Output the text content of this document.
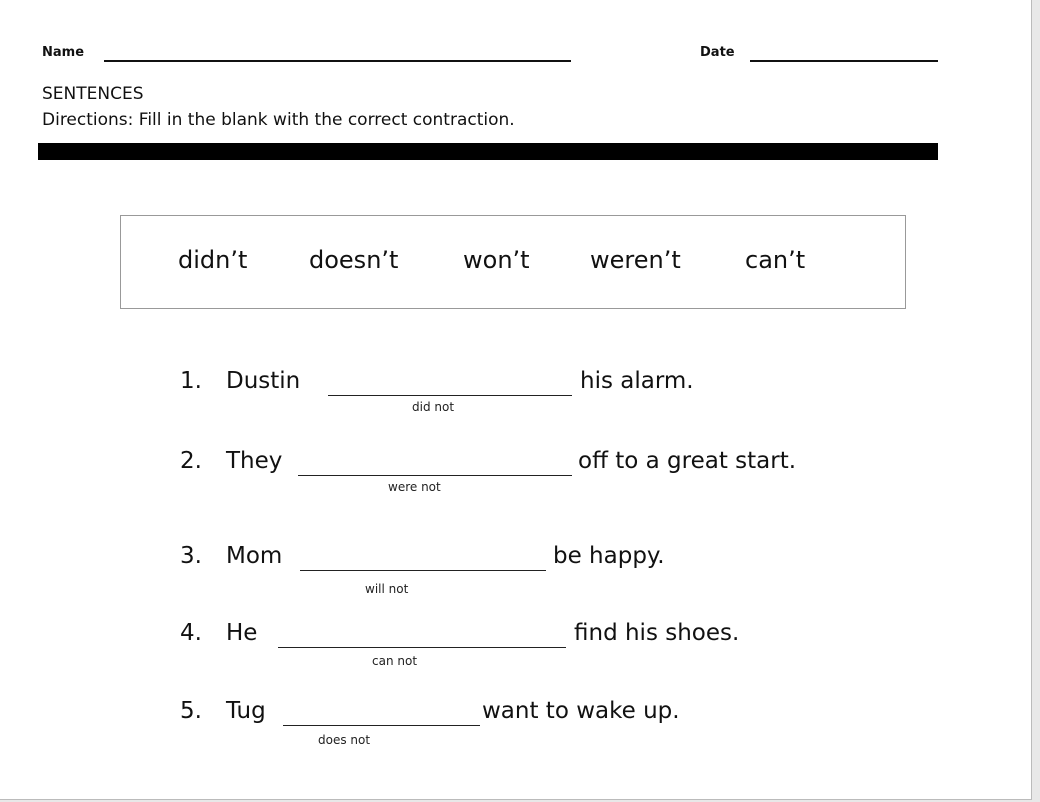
Name	Date
SENTENCES
Directions: Fill in the blank with the correct contraction.
didn’t	doesn’t	won’t	weren’t	can’t
1. Dustin	his alarm.
did not
2. They	off to a great start.
were not
3. Mom	be happy.
will not
4. He	find his shoes.
can not
5. Tug	want to wake up.
does not
